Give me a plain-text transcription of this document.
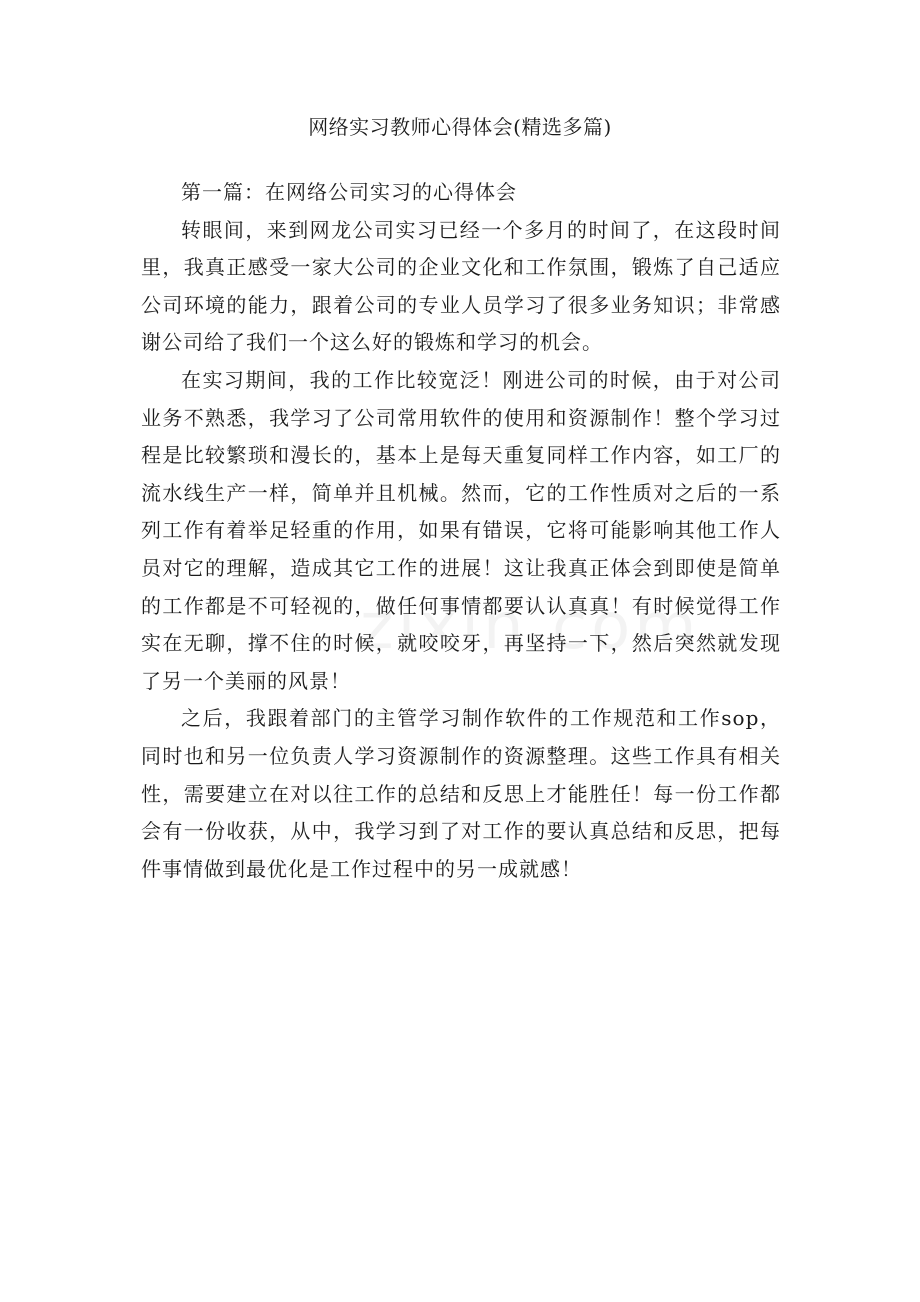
网络实习教师心得体会(精选多篇)

第一篇：在网络公司实习的心得体会

转眼间，来到网龙公司实习已经一个多月的时间了，在这段时间里，我真正感受一家大公司的企业文化和工作氛围，锻炼了自己适应公司环境的能力，跟着公司的专业人员学习了很多业务知识；非常感谢公司给了我们一个这么好的锻炼和学习的机会。

在实习期间，我的工作比较宽泛！刚进公司的时候，由于对公司业务不熟悉，我学习了公司常用软件的使用和资源制作！整个学习过程是比较繁琐和漫长的，基本上是每天重复同样工作内容，如工厂的流水线生产一样，简单并且机械。然而，它的工作性质对之后的一系列工作有着举足轻重的作用，如果有错误，它将可能影响其他工作人员对它的理解，造成其它工作的进展！这让我真正体会到即使是简单的工作都是不可轻视的，做任何事情都要认认真真！有时候觉得工作实在无聊，撑不住的时候，就咬咬牙，再坚持一下，然后突然就发现了另一个美丽的风景！

之后，我跟着部门的主管学习制作软件的工作规范和工作sop，同时也和另一位负责人学习资源制作的资源整理。这些工作具有相关性，需要建立在对以往工作的总结和反思上才能胜任！每一份工作都会有一份收获，从中，我学习到了对工作的要认真总结和反思，把每件事情做到最优化是工作过程中的另一成就感！
